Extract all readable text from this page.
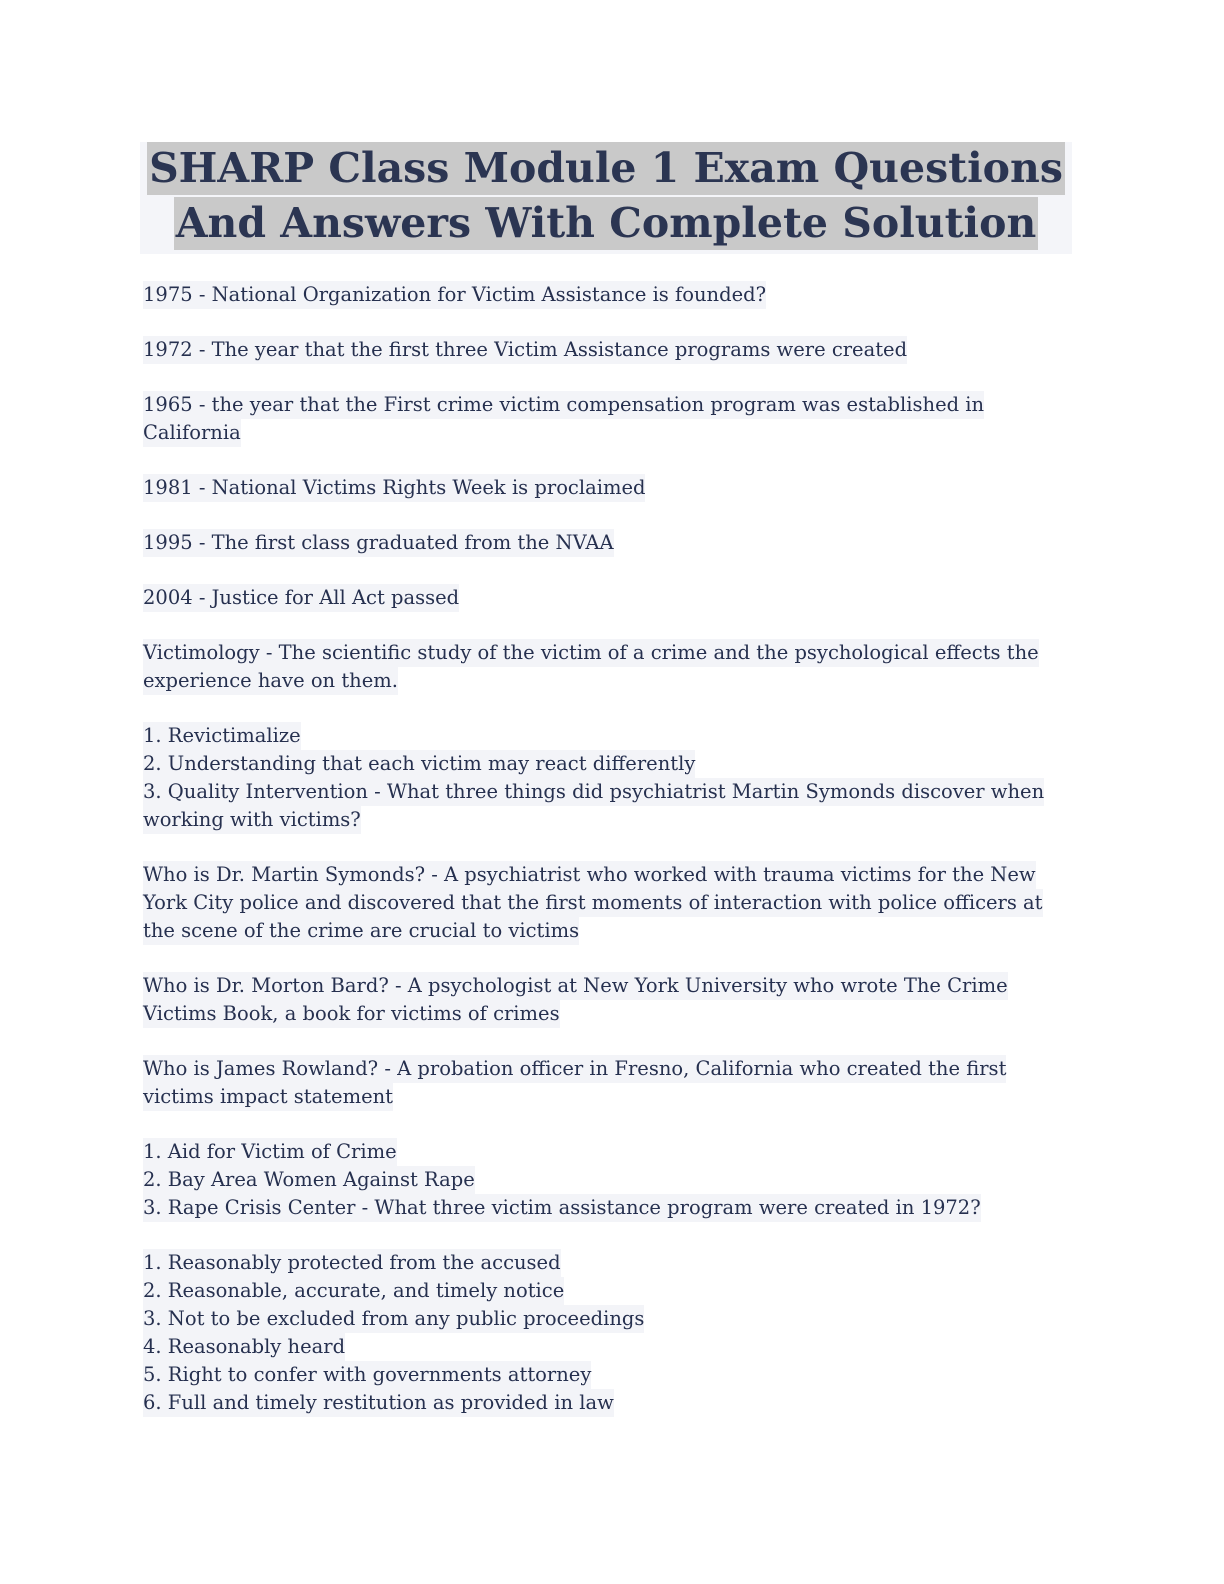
SHARP Class Module 1 Exam Questions
And Answers With Complete Solution
1975 - National Organization for Victim Assistance is founded?
1972 - The year that the first three Victim Assistance programs were created
1965 - the year that the First crime victim compensation program was established in
California
1981 - National Victims Rights Week is proclaimed
1995 - The first class graduated from the NVAA
2004 - Justice for All Act passed
Victimology - The scientific study of the victim of a crime and the psychological effects the
experience have on them.
1. Revictimalize
2. Understanding that each victim may react differently
3. Quality Intervention - What three things did psychiatrist Martin Symonds discover when
working with victims?
Who is Dr. Martin Symonds? - A psychiatrist who worked with trauma victims for the New
York City police and discovered that the first moments of interaction with police officers at
the scene of the crime are crucial to victims
Who is Dr. Morton Bard? - A psychologist at New York University who wrote The Crime
Victims Book, a book for victims of crimes
Who is James Rowland? - A probation officer in Fresno, California who created the first
victims impact statement
1. Aid for Victim of Crime
2. Bay Area Women Against Rape
3. Rape Crisis Center - What three victim assistance program were created in 1972?
1. Reasonably protected from the accused
2. Reasonable, accurate, and timely notice
3. Not to be excluded from any public proceedings
4. Reasonably heard
5. Right to confer with governments attorney
6. Full and timely restitution as provided in law
